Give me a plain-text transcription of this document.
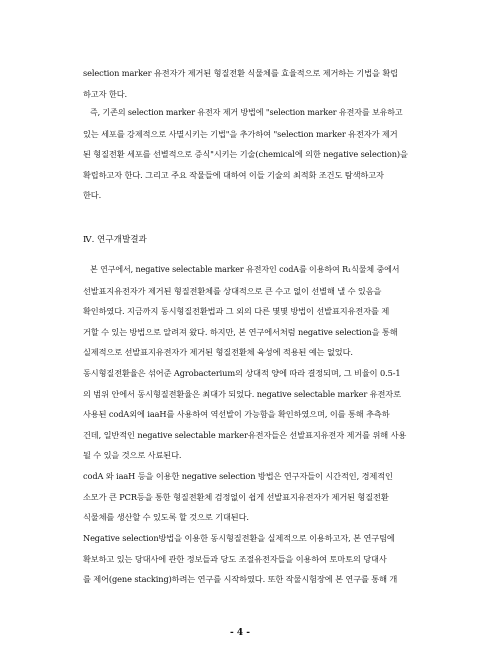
selection marker 유전자가 제거된 형질전환 식물체를 효율적으로 제거하는 기법을 확립
하고자 한다.
즉, 기존의 selection marker 유전자 제거 방법에 "selection marker 유전자를 보유하고
있는 세포를 강제적으로 사멸시키는 기법"을 추가하여 "selection marker 유전자가 제거
된 형질전환 세포를 선별적으로 증식"시키는 기술(chemical에 의한 negative selection)을
확립하고자 한다. 그리고 주요 작물들에 대하여 이들 기술의 최적화 조건도 탐색하고자
한다.
Ⅳ. 연구개발결과
본 연구에서, negative selectable marker 유전자인 codA를 이용하여 R₁식물체 중에서
선발표지유전자가 제거된 형질전환체를 상대적으로 큰 수고 없이 선별해 낼 수 있음을
확인하였다. 지금까지 동시형질전환법과 그 외의 다른 몇몇 방법이 선발표지유전자를 제
거할 수 있는 방법으로 알려져 왔다. 하지만, 본 연구에서처럼 negative selection을 통해
실제적으로 선발표지유전자가 제거된 형질전환체 육성에 적용된 예는 없었다.
동시형질전환율은 섞어준 Agrobacterium의 상대적 양에 따라 결정되며, 그 비율이 0.5-1
의 범위 안에서 동시형질전환율은 최대가 되었다. negative selectable marker 유전자로
사용된 codA외에 iaaH를 사용하여 역선발이 가능함을 확인하였으며, 이를 통해 추측하
건데, 일반적인 negative selectable marker유전자들은 선발표지유전자 제거를 위해 사용
될 수 있을 것으로 사료된다.
codA 와 iaaH 등을 이용한 negative selection 방법은 연구자들이 시간적인, 경제적인
소모가 큰 PCR등을 통한 형질전환체 검정없이 쉽게 선발표지유전자가 제거된 형질전환
식물체를 생산할 수 있도록 할 것으로 기대된다.
Negative selection방법을 이용한 동시형질전환을 실제적으로 이용하고자, 본 연구팀에
확보하고 있는 당대사에 관한 정보들과 당도 조절유전자들을 이용하여 토마토의 당대사
를 제어(gene stacking)하려는 연구를 시작하였다. 또한 작물시험장에 본 연구를 통해 개
- 4 -
